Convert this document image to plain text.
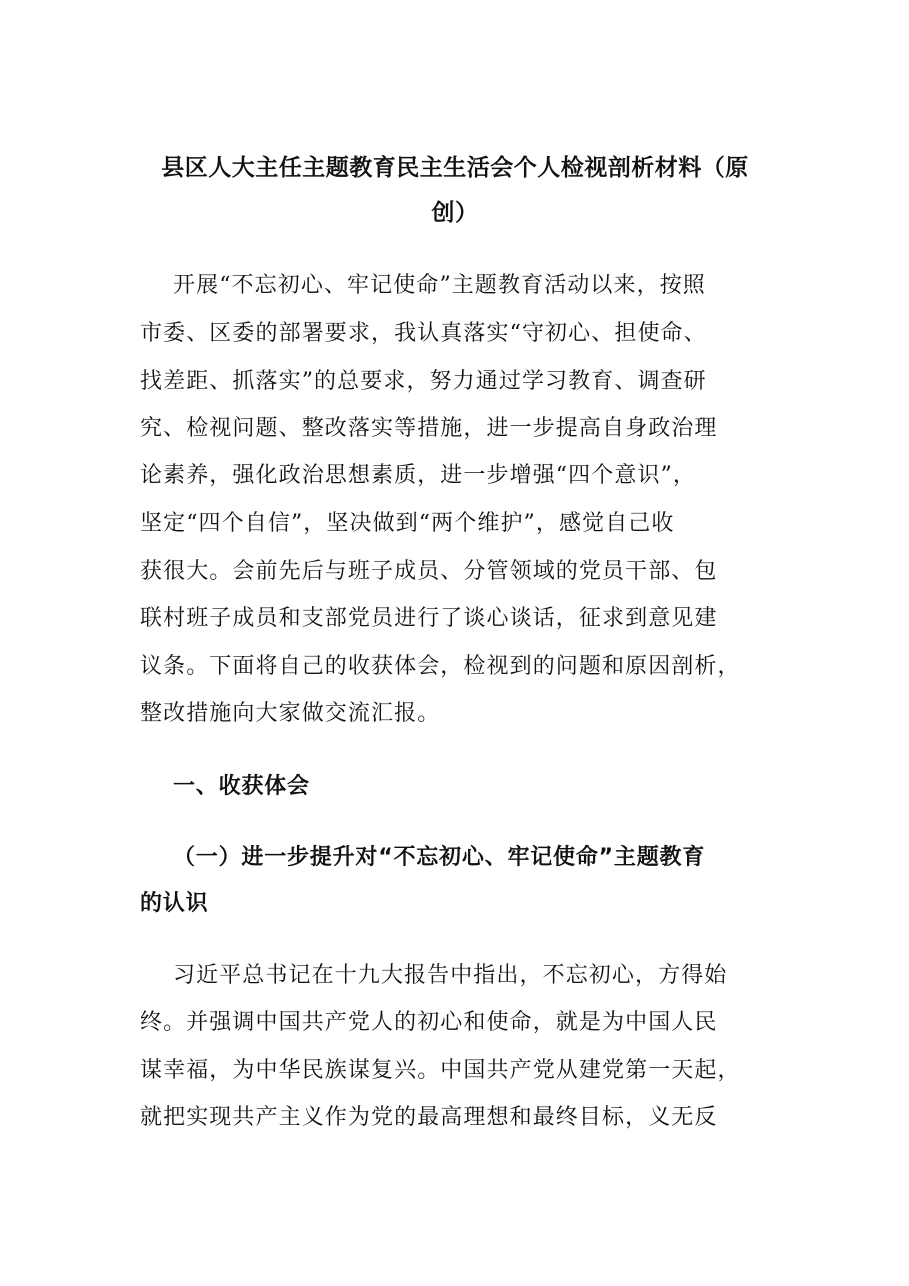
县区人大主任主题教育民主生活会个人检视剖析材料（原
创）
开展“不忘初心、牢记使命”主题教育活动以来，按照
市委、区委的部署要求，我认真落实“守初心、担使命、
找差距、抓落实”的总要求，努力通过学习教育、调查研
究、检视问题、整改落实等措施，进一步提高自身政治理
论素养，强化政治思想素质，进一步增强“四个意识”，
坚定“四个自信”，坚决做到“两个维护”，感觉自己收
获很大。会前先后与班子成员、分管领域的党员干部、包
联村班子成员和支部党员进行了谈心谈话，征求到意见建
议条。下面将自己的收获体会，检视到的问题和原因剖析，
整改措施向大家做交流汇报。
一、收获体会
（一）进一步提升对“不忘初心、牢记使命”主题教育
的认识
习近平总书记在十九大报告中指出，不忘初心，方得始
终。并强调中国共产党人的初心和使命，就是为中国人民
谋幸福，为中华民族谋复兴。中国共产党从建党第一天起，
就把实现共产主义作为党的最高理想和最终目标，义无反
